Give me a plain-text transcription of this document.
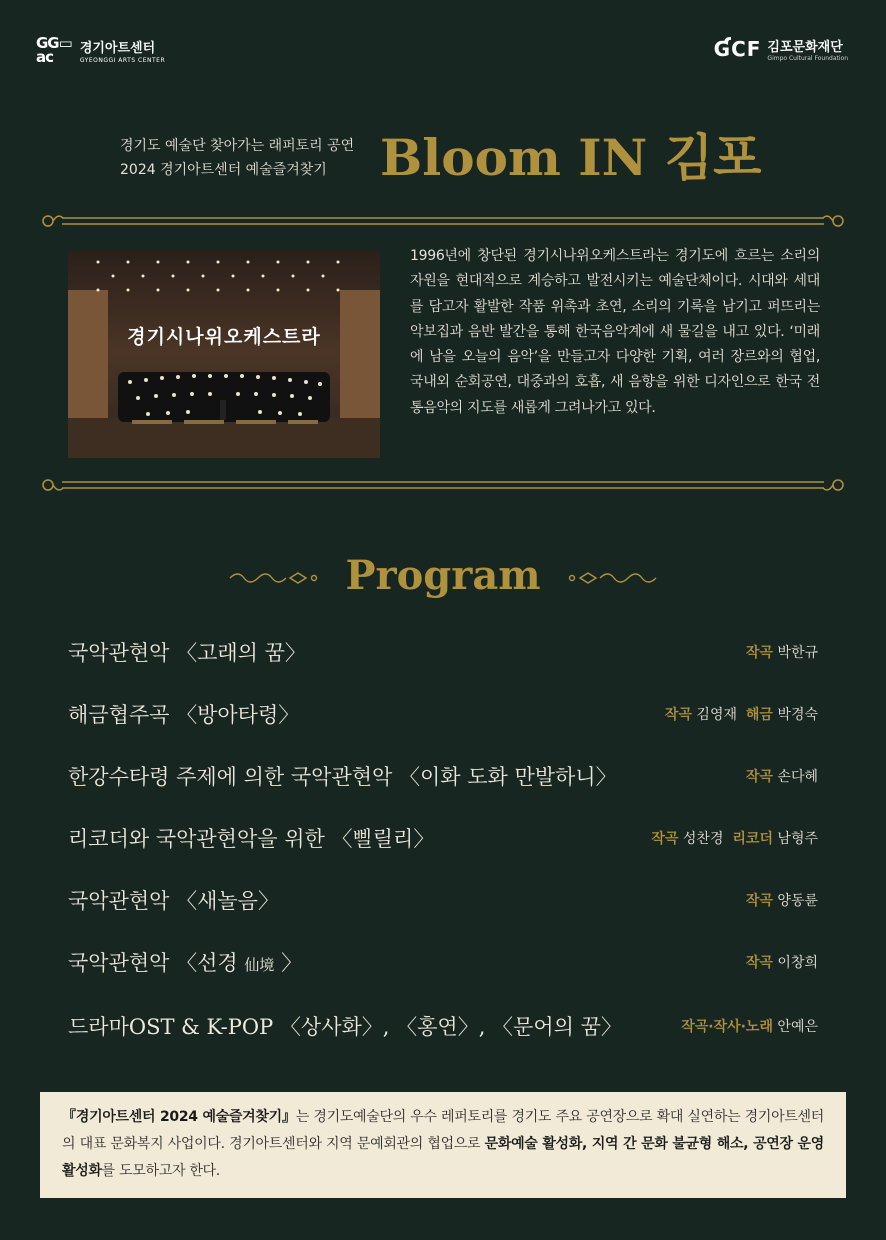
GG▭
ac	경기아트센터
GYEONGGI ARTS CENTER	ƓϹϜ 김포문화재단
Gimpo Cultural Foundation
경기도 예술단 찾아가는 래퍼토리 공연
2024 경기아트센터 예술즐겨찾기	Bloom IN 김포
경기시나위오케스트라
1996년에 창단된 경기시나위오케스트라는 경기도에 흐르는 소리의 자원을 현대적으로 계승하고 발전시키는 예술단체이다. 시대와 세대를 담고자 활발한 작품 위촉과 초연, 소리의 기록을 남기고 퍼뜨리는 악보집과 음반 발간을 통해 한국음악계에 새 물길을 내고 있다. ‘미래에 남을 오늘의 음악’을 만들고자 다양한 기획, 여러 장르와의 협업, 국내외 순회공연, 대중과의 호흡, 새 음향을 위한 디자인으로 한국 전통음악의 지도를 새롭게 그려나가고 있다.
Program
국악관현악 〈고래의 꿈〉	작곡 박한규
해금협주곡 〈방아타령〉	작곡 김영재 해금 박경숙
한강수타령 주제에 의한 국악관현악 〈이화 도화 만발하니〉	작곡 손다혜
리코더와 국악관현악을 위한 〈삘릴리〉	작곡 성찬경 리코더 남형주
국악관현악 〈새놀음〉	작곡 양동륜
국악관현악 〈선경 仙境 〉	작곡 이창희
드라마OST & K-POP 〈상사화〉, 〈홍연〉, 〈문어의 꿈〉	작곡·작사·노래 안예은
『경기아트센터 2024 예술즐겨찾기』는 경기도예술단의 우수 레퍼토리를 경기도 주요 공연장으로 확대 실연하는 경기아트센터의 대표 문화복지 사업이다. 경기아트센터와 지역 문예회관의 협업으로 문화예술 활성화, 지역 간 문화 불균형 해소, 공연장 운영 활성화를 도모하고자 한다.
